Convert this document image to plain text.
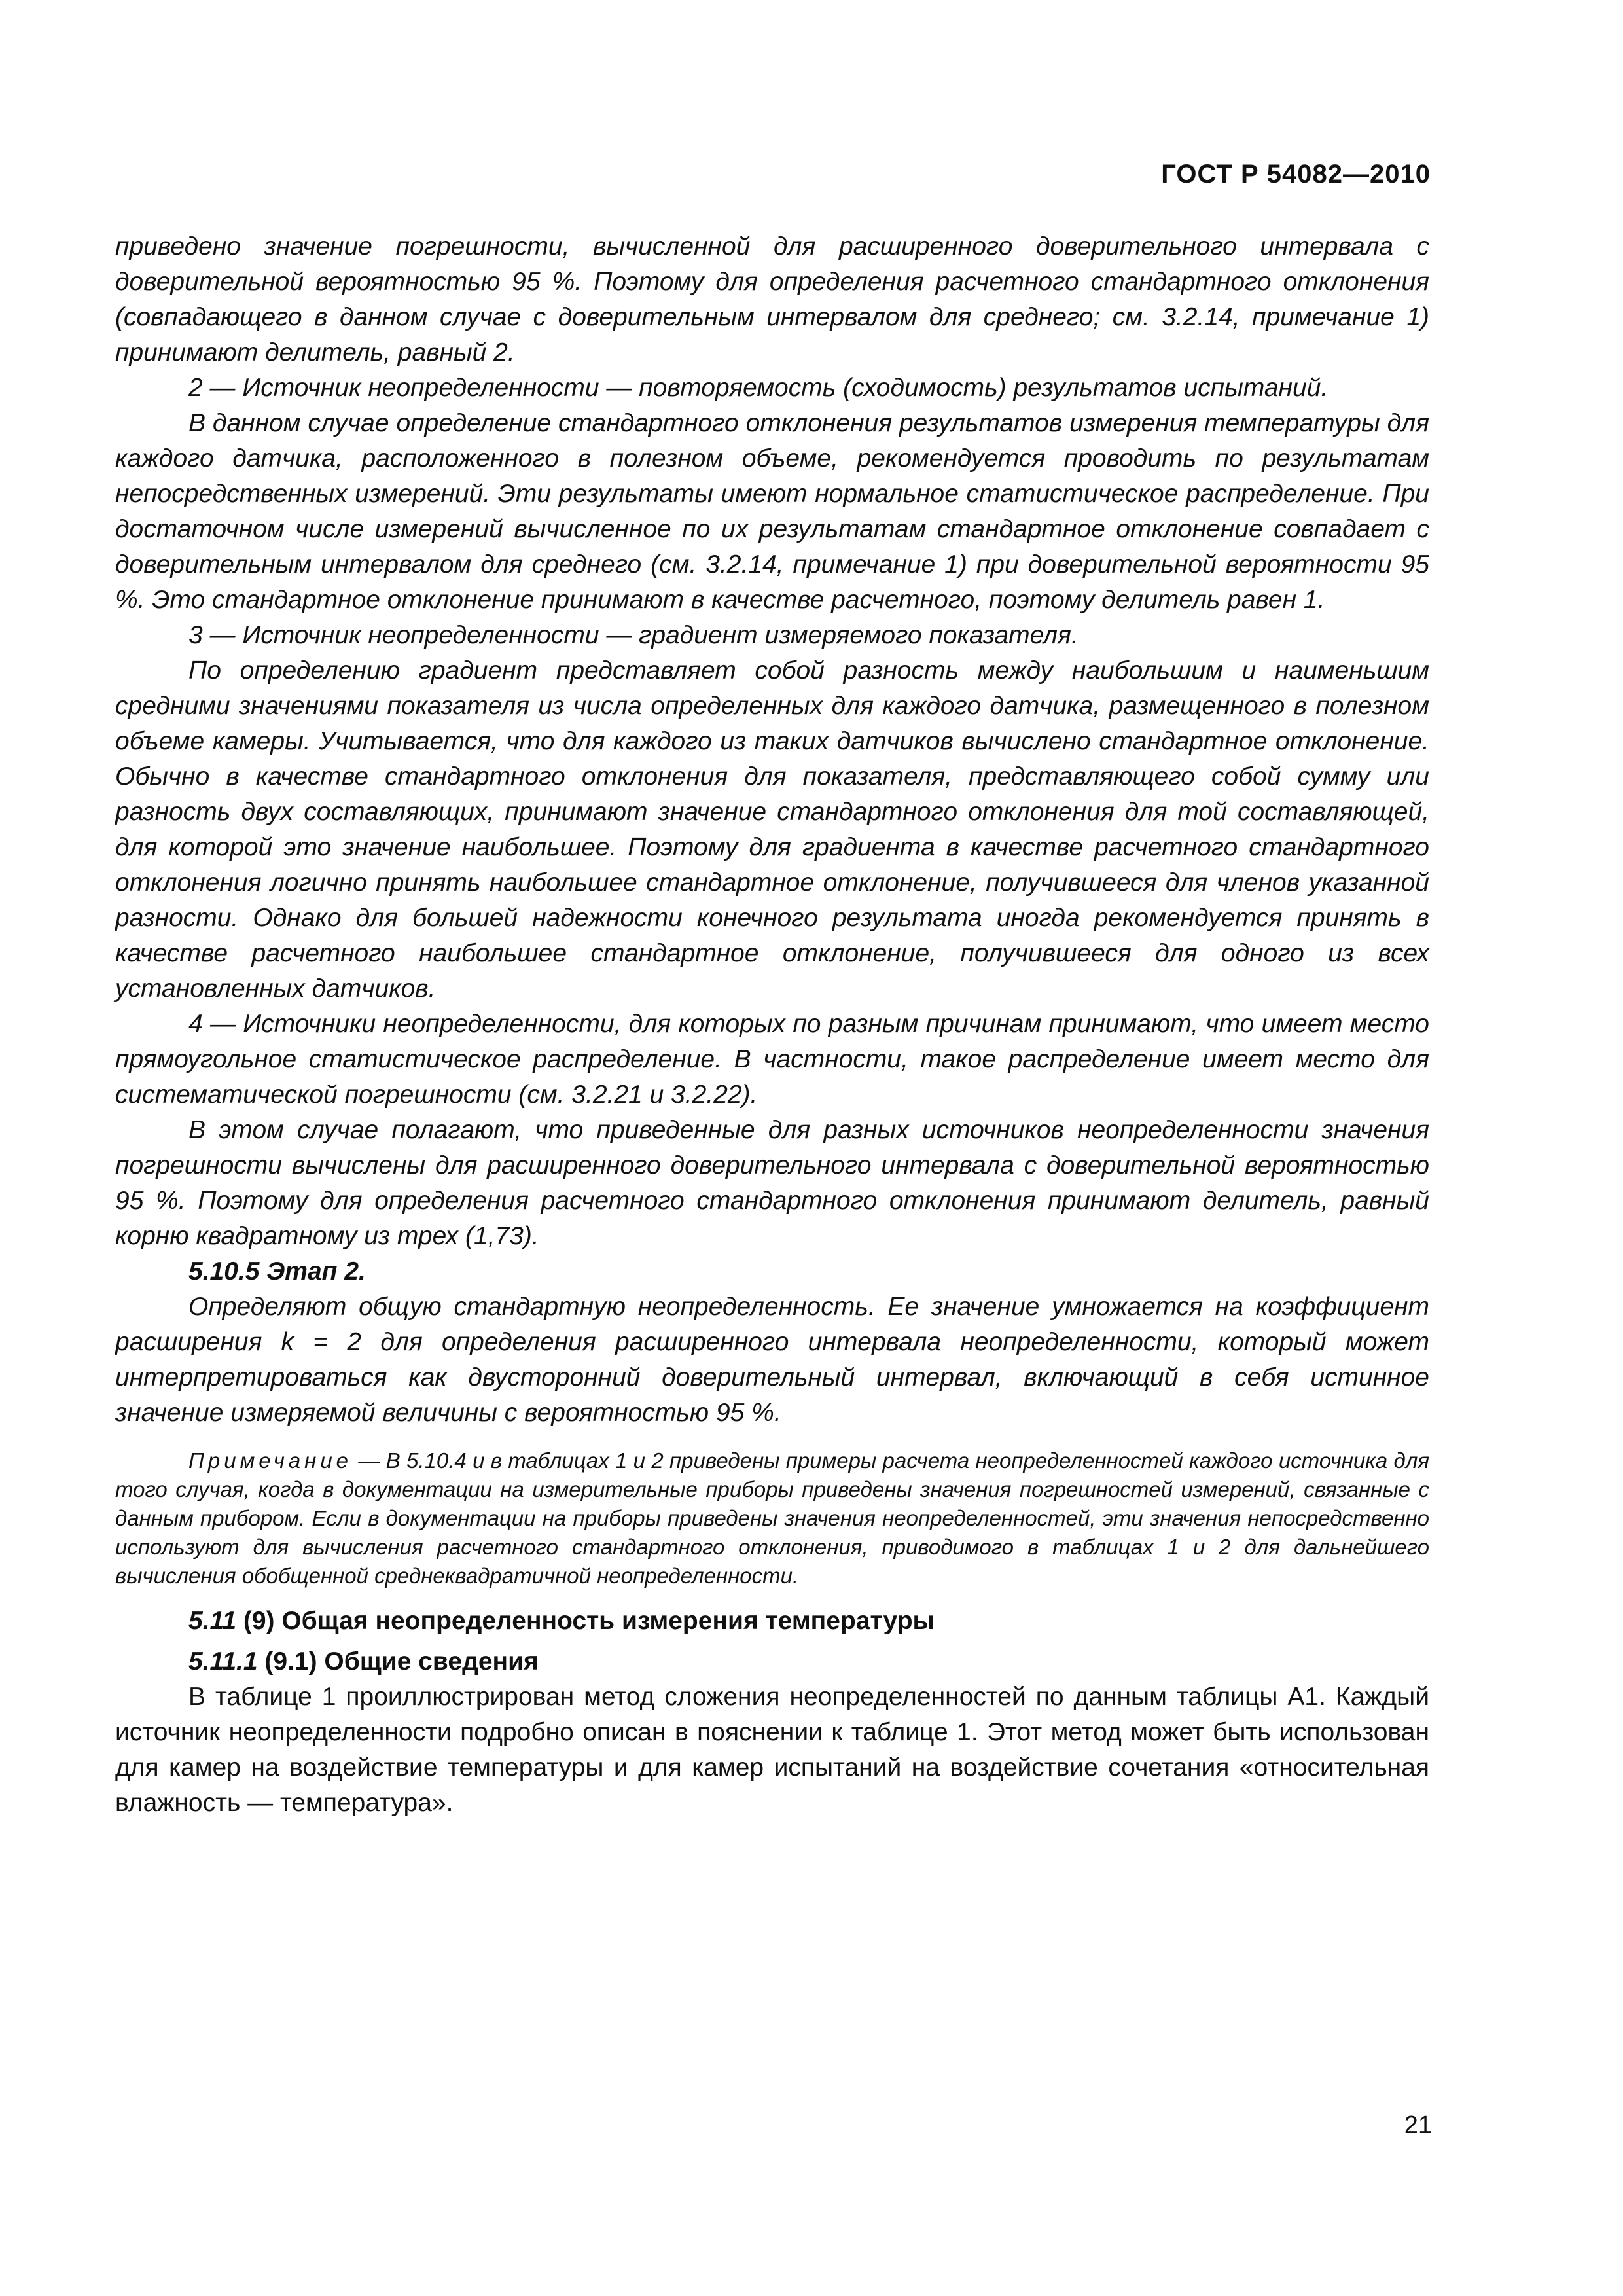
ГОСТ Р 54082—2010

приведено значение погрешности, вычисленной для расширенного доверительного интервала с доверительной вероятностью 95 %. Поэтому для определения расчетного стандартного отклонения (совпадающего в данном случае с доверительным интервалом для среднего; см. 3.2.14, примечание 1) принимают делитель, равный 2.

2 — Источник неопределенности — повторяемость (сходимость) результатов испытаний.

В данном случае определение стандартного отклонения результатов измерения температуры для каждого датчика, расположенного в полезном объеме, рекомендуется проводить по результатам непосредственных измерений. Эти результаты имеют нормальное статистическое распределение. При достаточном числе измерений вычисленное по их результатам стандартное отклонение совпадает с доверительным интервалом для среднего (см. 3.2.14, примечание 1) при доверительной вероятности 95 %. Это стандартное отклонение принимают в качестве расчетного, поэтому делитель равен 1.

3 — Источник неопределенности — градиент измеряемого показателя.

По определению градиент представляет собой разность между наибольшим и наименьшим средними значениями показателя из числа определенных для каждого датчика, размещенного в полезном объеме камеры. Учитывается, что для каждого из таких датчиков вычислено стандартное отклонение. Обычно в качестве стандартного отклонения для показателя, представляющего собой сумму или разность двух составляющих, принимают значение стандартного отклонения для той составляющей, для которой это значение наибольшее. Поэтому для градиента в качестве расчетного стандартного отклонения логично принять наибольшее стандартное отклонение, получившееся для членов указанной разности. Однако для большей надежности конечного результата иногда рекомендуется принять в качестве расчетного наибольшее стандартное отклонение, получившееся для одного из всех установленных датчиков.

4 — Источники неопределенности, для которых по разным причинам принимают, что имеет место прямоугольное статистическое распределение. В частности, такое распределение имеет место для систематической погрешности (см. 3.2.21 и 3.2.22).

В этом случае полагают, что приведенные для разных источников неопределенности значения погрешности вычислены для расширенного доверительного интервала с доверительной вероятностью 95 %. Поэтому для определения расчетного стандартного отклонения принимают делитель, равный корню квадратному из трех (1,73).

5.10.5 Этап 2.

Определяют общую стандартную неопределенность. Ее значение умножается на коэффициент расширения k = 2 для определения расширенного интервала неопределенности, который может интерпретироваться как двусторонний доверительный интервал, включающий в себя истинное значение измеряемой величины с вероятностью 95 %.

Примечание — В 5.10.4 и в таблицах 1 и 2 приведены примеры расчета неопределенностей каждого источника для того случая, когда в документации на измерительные приборы приведены значения погрешностей измерений, связанные с данным прибором. Если в документации на приборы приведены значения неопределенностей, эти значения непосредственно используют для вычисления расчетного стандартного отклонения, приводимого в таблицах 1 и 2 для дальнейшего вычисления обобщенной среднеквадратичной неопределенности.

5.11 (9) Общая неопределенность измерения температуры

5.11.1 (9.1) Общие сведения

В таблице 1 проиллюстрирован метод сложения неопределенностей по данным таблицы А1. Каждый источник неопределенности подробно описан в пояснении к таблице 1. Этот метод может быть использован для камер на воздействие температуры и для камер испытаний на воздействие сочетания «относительная влажность — температура».

21
